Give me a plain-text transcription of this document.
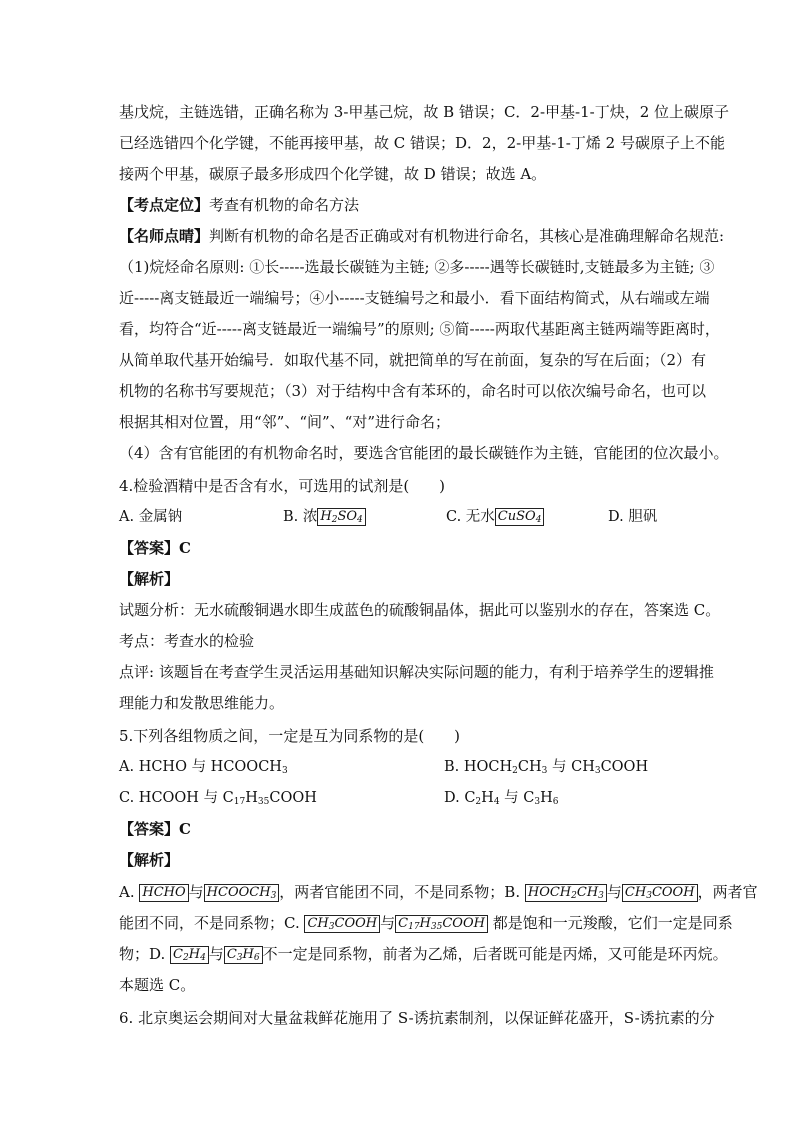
基戊烷，主链选错，正确名称为 3-甲基己烷，故 B 错误；C．2-甲基-1-丁炔，2 位上碳原子
已经选错四个化学键，不能再接甲基，故 C 错误；D．2，2-甲基-1-丁烯 2 号碳原子上不能
接两个甲基，碳原子最多形成四个化学键，故 D 错误；故选 A。
【考点定位】考查有机物的命名方法
【名师点晴】判断有机物的命名是否正确或对有机物进行命名，其核心是准确理解命名规范:
（1)烷烃命名原则: ①长-----选最长碳链为主链; ②多-----遇等长碳链时,支链最多为主链; ③
近-----离支链最近一端编号；④小-----支链编号之和最小．看下面结构简式，从右端或左端
看，均符合“近-----离支链最近一端编号”的原则; ⑤简-----两取代基距离主链两端等距离时，
从简单取代基开始编号．如取代基不同，就把简单的写在前面，复杂的写在后面；（2）有
机物的名称书写要规范；（3）对于结构中含有苯环的，命名时可以依次编号命名，也可以
根据其相对位置，用“邻”、“间”、“对”进行命名；
（4）含有官能团的有机物命名时，要选含官能团的最长碳链作为主链，官能团的位次最小。
4.检验酒精中是否含有水，可选用的试剂是(　　)
A. 金属钠	B. 浓 $H_2SO_4$	C. 无水 CuSO$_4$	D. 胆矾
【答案】C
【解析】
试题分析：无水硫酸铜遇水即生成蓝色的硫酸铜晶体，据此可以鉴别水的存在，答案选 C。
考点：考查水的检验
点评: 该题旨在考查学生灵活运用基础知识解决实际问题的能力，有利于培养学生的逻辑推
理能力和发散思维能力。
5.下列各组物质之间，一定是互为同系物的是(　　)
A. HCHO 与 $HCOOCH_3$	B. $HOCH_2CH_3$ 与 $CH_3COOH$
C. HCOOH 与 $C_{17}H_{35}COOH$	D. $C_2H_4$ 与 $C_3H_6$
【答案】C
【解析】
A. HCHO 与 $HCOOCH_3$ ，两者官能团不同，不是同系物；B. $HOCH_2CH_3$ 与 $CH_3COOH$ ，两者官
能团不同，不是同系物；C. $CH_3COOH$ 与 $C_{17}H_{35}COOH$ 都是饱和一元羧酸，它们一定是同系
物；D. $C_2H_4$ 与 $C_3H_6$ 不一定是同系物，前者为乙烯，后者既可能是丙烯，又可能是环丙烷。
本题选 C。
6. 北京奥运会期间对大量盆栽鲜花施用了 S-诱抗素制剂，以保证鲜花盛开，S-诱抗素的分
